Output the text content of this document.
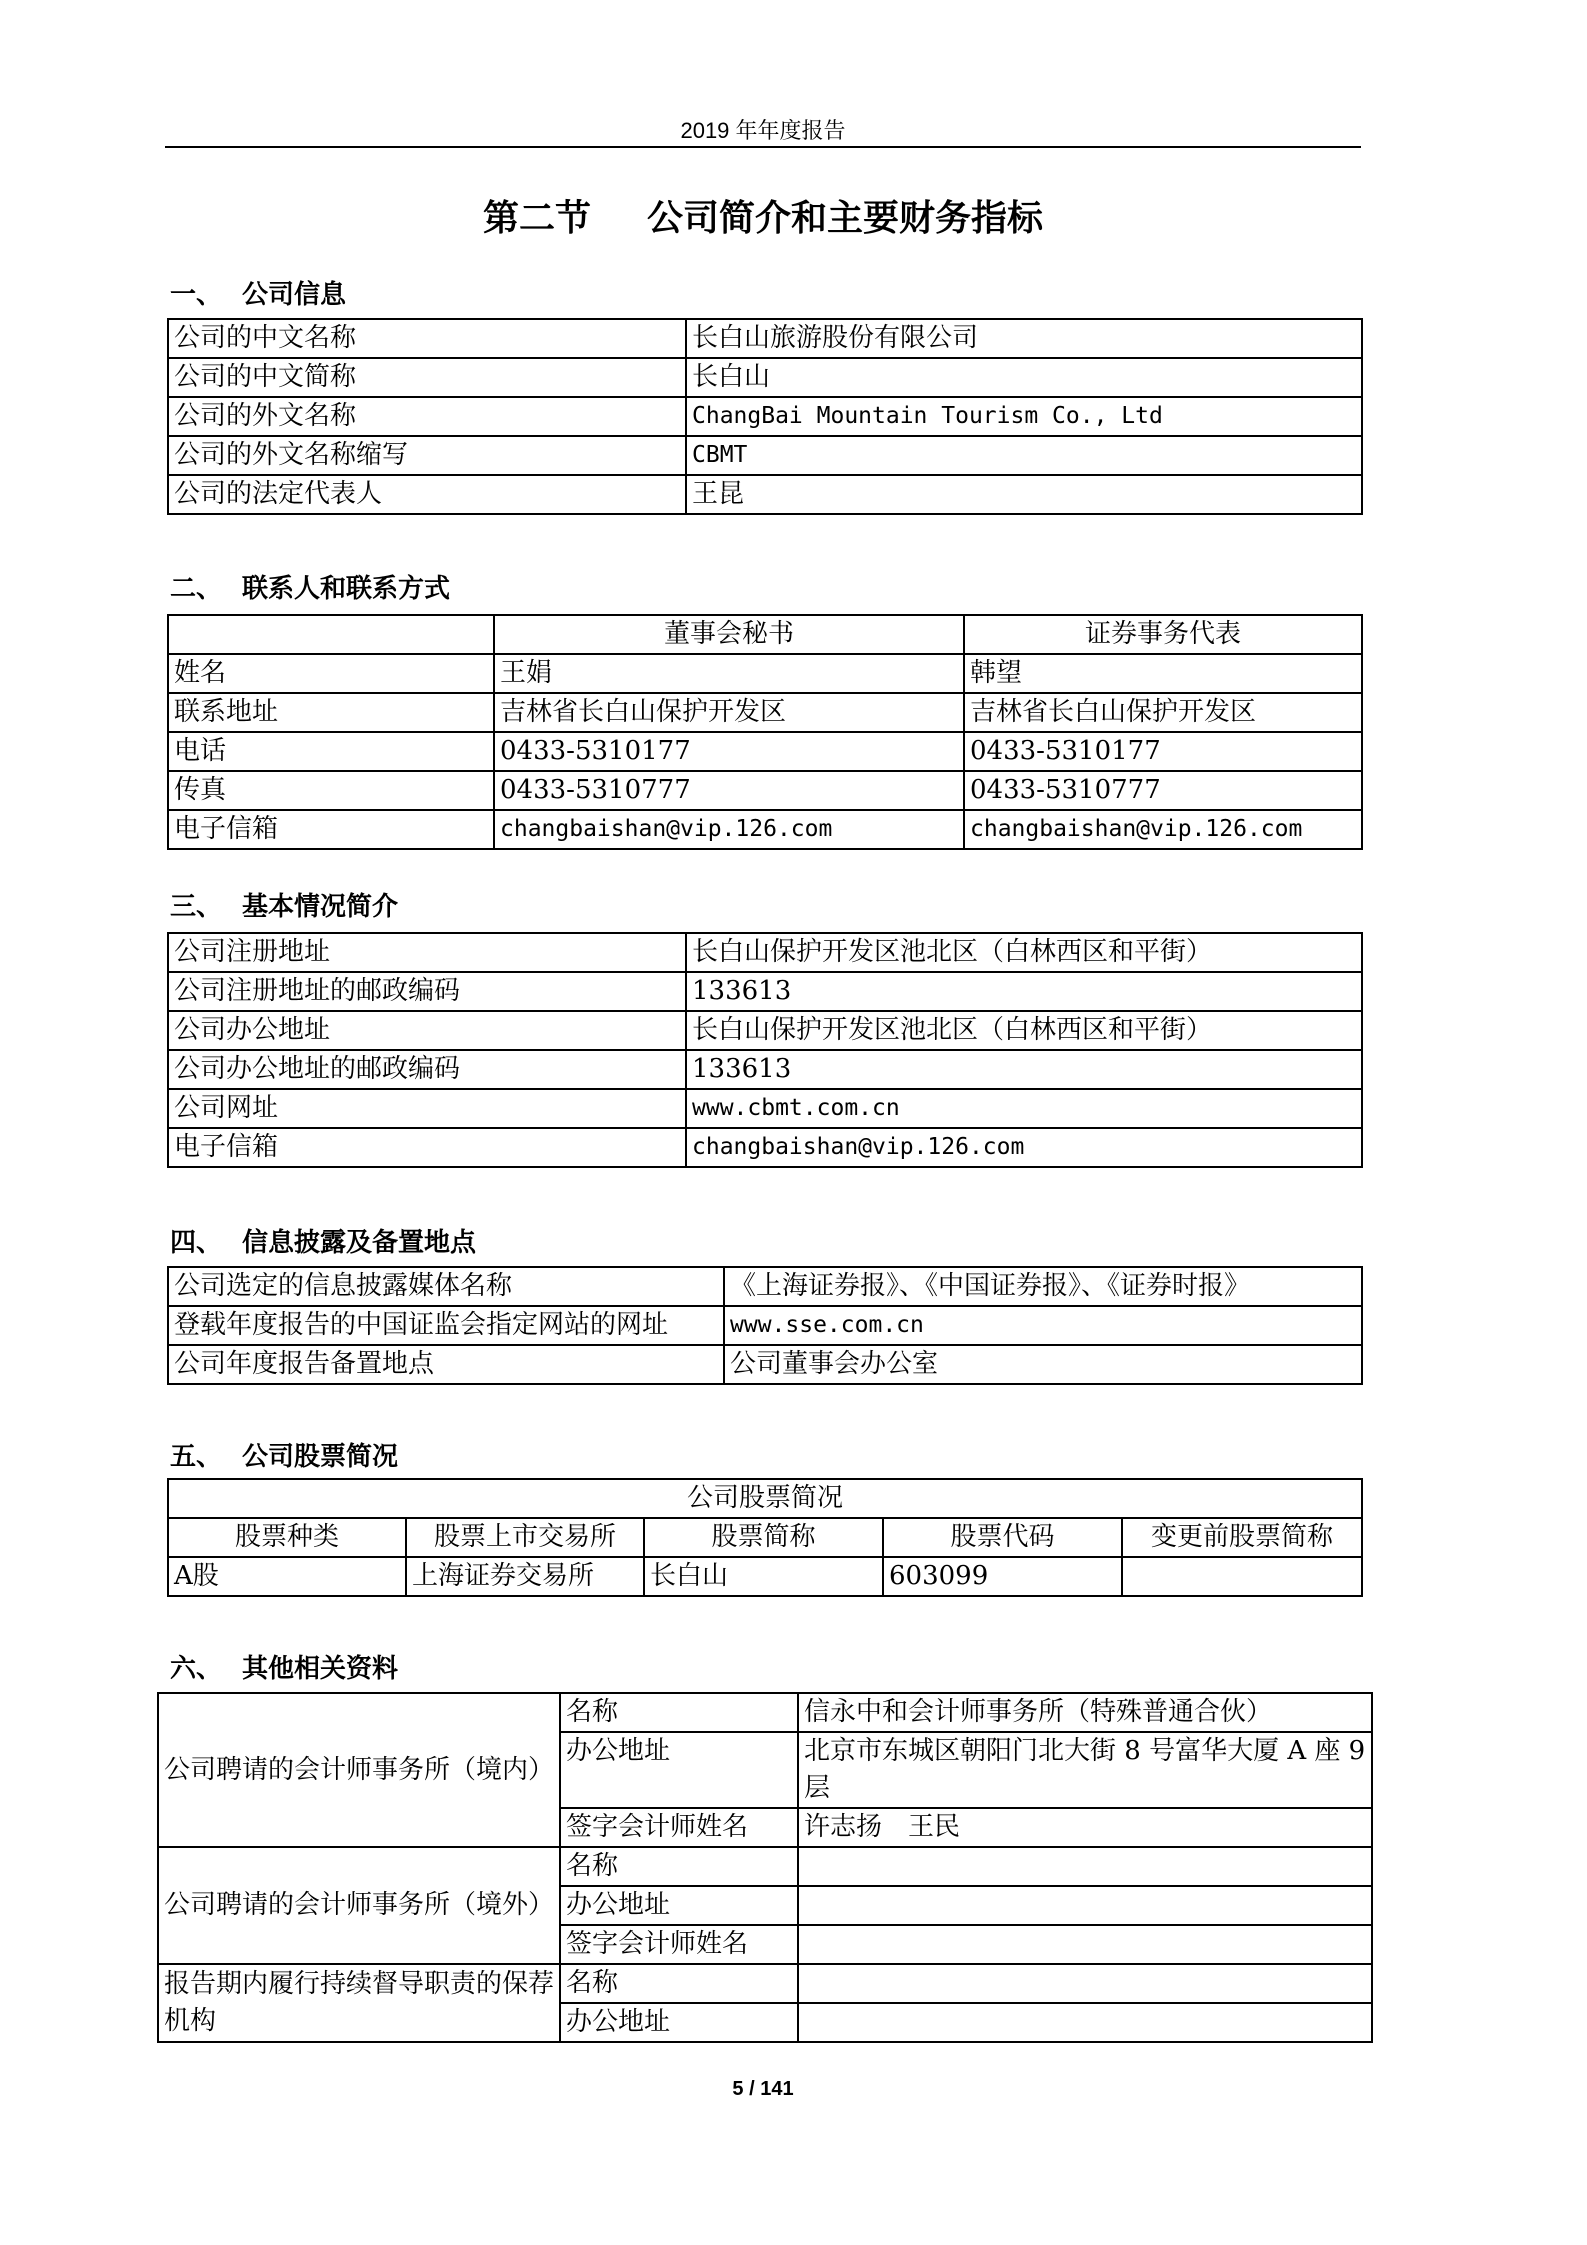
2019 年年度报告
第二节 公司简介和主要财务指标
一、 公司信息
公司的中文名称	长白山旅游股份有限公司
公司的中文简称	长白山
公司的外文名称	ChangBai Mountain Tourism Co., Ltd
公司的外文名称缩写	CBMT
公司的法定代表人	王昆
二、 联系人和联系方式
	董事会秘书	证券事务代表
姓名	王娟	韩望
联系地址	吉林省长白山保护开发区	吉林省长白山保护开发区
电话	0433-5310177	0433-5310177
传真	0433-5310777	0433-5310777
电子信箱	changbaishan@vip.126.com	changbaishan@vip.126.com
三、 基本情况简介
公司注册地址	长白山保护开发区池北区（白林西区和平街）
公司注册地址的邮政编码	133613
公司办公地址	长白山保护开发区池北区（白林西区和平街）
公司办公地址的邮政编码	133613
公司网址	www.cbmt.com.cn
电子信箱	changbaishan@vip.126.com
四、 信息披露及备置地点
公司选定的信息披露媒体名称	《上海证券报》、《中国证券报》、《证券时报》
登载年度报告的中国证监会指定网站的网址	www.sse.com.cn
公司年度报告备置地点	公司董事会办公室
五、 公司股票简况
公司股票简况				
股票种类	股票上市交易所	股票简称	股票代码	变更前股票简称
A股	上海证券交易所	长白山	603099	
六、 其他相关资料
公司聘请的会计师事务所（境内）	名称	信永中和会计师事务所（特殊普通合伙）
	办公地址	北京市东城区朝阳门北大街 8 号富华大厦 A 座 9 层
	签字会计师姓名	许志扬　王民
公司聘请的会计师事务所（境外）	名称	
	办公地址	
	签字会计师姓名	
报告期内履行持续督导职责的保荐机构	名称	
	办公地址	
5 / 141
